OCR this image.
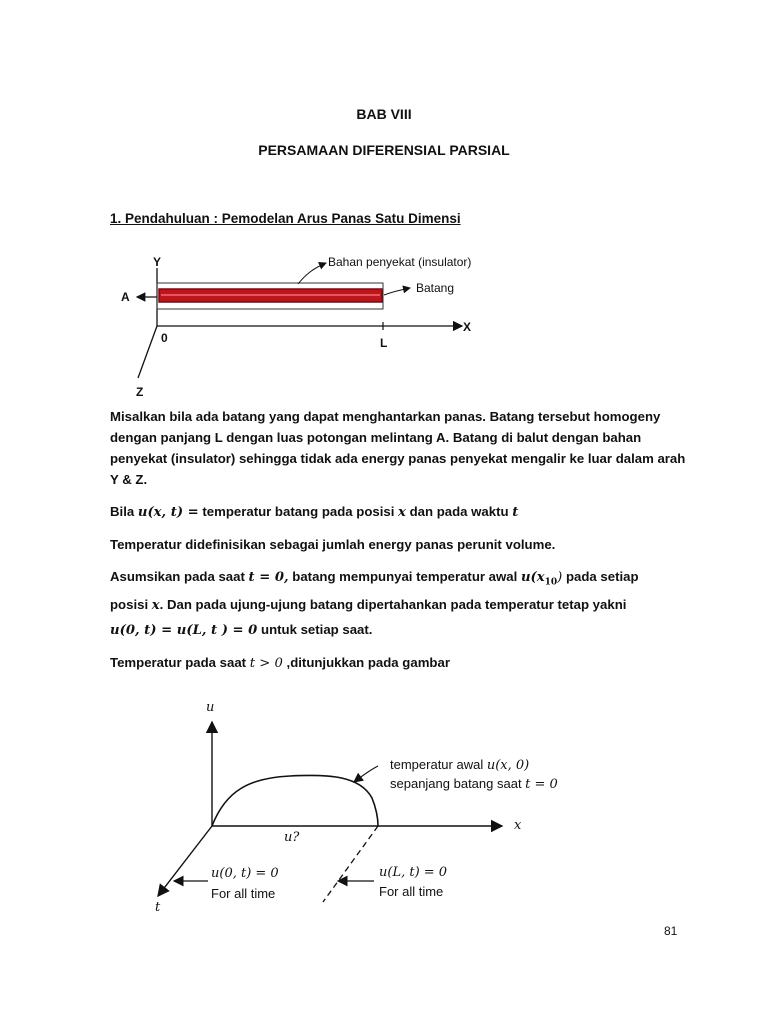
BAB VIII
PERSAMAAN DIFERENSIAL PARSIAL
1. Pendahuluan : Pemodelan Arus Panas Satu Dimensi
Y
A
0	L
X
Z
Bahan penyekat (insulator)
Batang
Misalkan bila ada batang yang dapat menghantarkan panas. Batang tersebut homogeny dengan panjang L dengan luas potongan melintang A. Batang di balut dengan bahan penyekat (insulator) sehingga tidak ada energy panas penyekat mengalir ke luar dalam arah Y & Z.
Bila u(x, t) = temperatur batang pada posisi x dan pada waktu t
Temperatur didefinisikan sebagai jumlah energy panas perunit volume.
Asumsikan pada saat t = 0, batang mempunyai temperatur awal $u(x_{10})$ pada setiap
posisi x. Dan pada ujung-ujung batang dipertahankan pada temperatur tetap yakni
u(0, t) = u(L, t ) = 0 untuk setiap saat.
Temperatur pada saat t > 0 ,ditunjukkan pada gambar
u
x
t
temperatur awal u(x, 0)
sepanjang batang saat t = 0
u?
u(0, t) = 0
For all time
u(L, t) = 0
For all time
81
